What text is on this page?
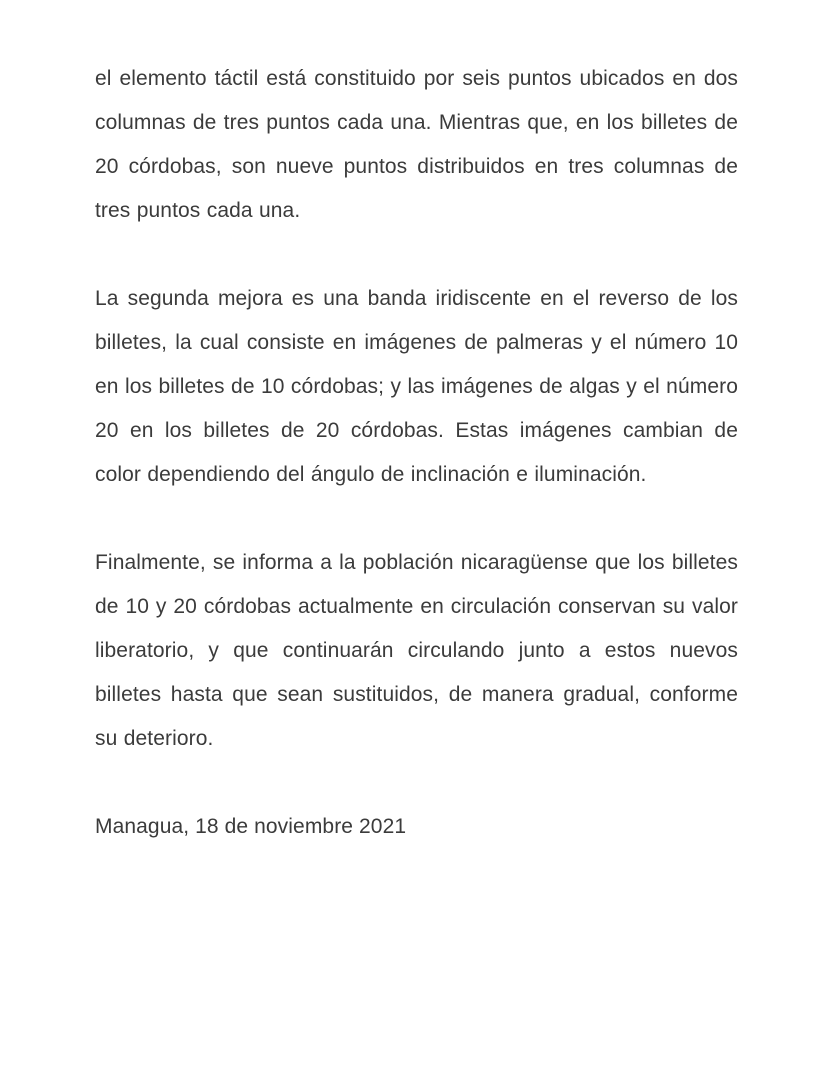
el elemento táctil está constituido por seis puntos ubicados en dos columnas de tres puntos cada una. Mientras que, en los billetes de 20 córdobas, son nueve puntos distribuidos en tres columnas de tres puntos cada una.

La segunda mejora es una banda iridiscente en el reverso de los billetes, la cual consiste en imágenes de palmeras y el número 10 en los billetes de 10 córdobas; y las imágenes de algas y el número 20 en los billetes de 20 córdobas. Estas imágenes cambian de color dependiendo del ángulo de inclinación e iluminación.

Finalmente, se informa a la población nicaragüense que los billetes de 10 y 20 córdobas actualmente en circulación conservan su valor liberatorio, y que continuarán circulando junto a estos nuevos billetes hasta que sean sustituidos, de manera gradual, conforme su deterioro.

Managua, 18 de noviembre 2021
